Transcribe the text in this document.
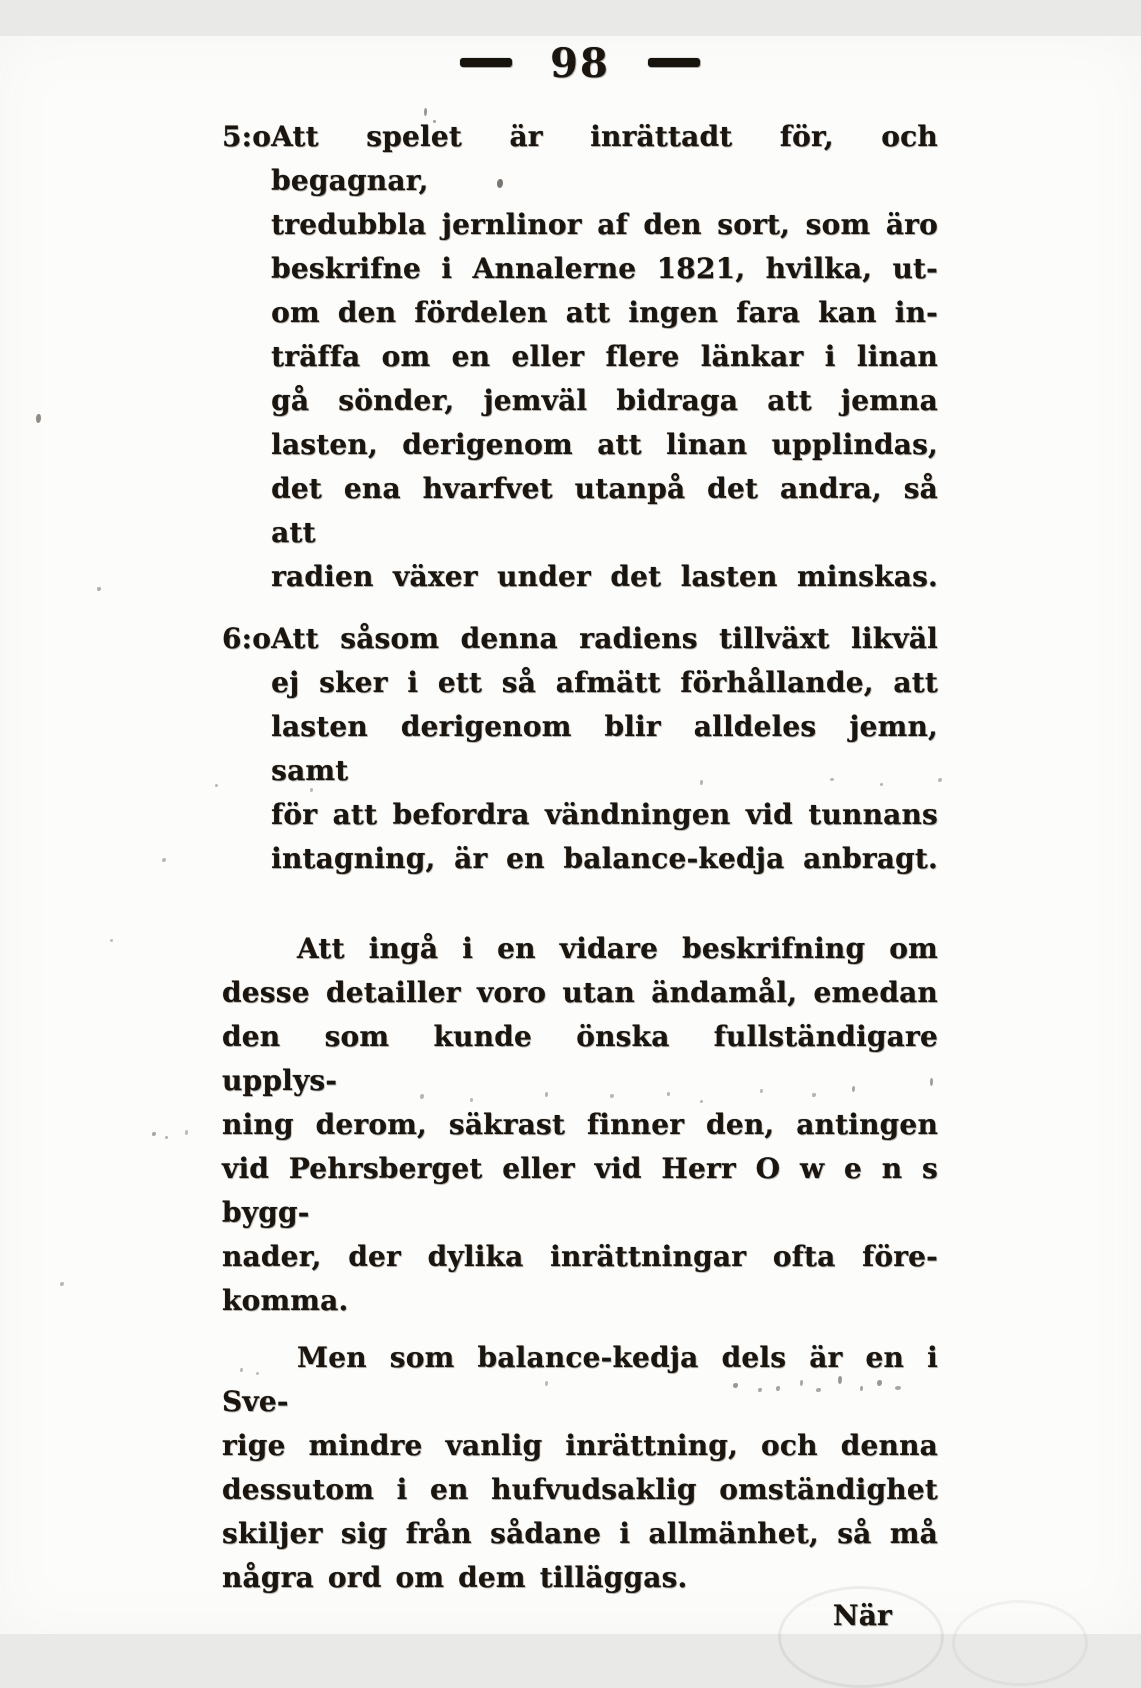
98
5:o Att spelet är inrättadt för, och begagnar,
tredubbla jernlinor af den sort, som äro
beskrifne i Annalerne 1821, hvilka, ut-
om den fördelen att ingen fara kan in-
träffa om en eller flere länkar i linan
gå sönder, jemväl bidraga att jemna
lasten, derigenom att linan upplindas,
det ena hvarfvet utanpå det andra, så att
radien växer under det lasten minskas.
6:o Att såsom denna radiens tillväxt likväl
ej sker i ett så afmätt förhållande, att
lasten derigenom blir alldeles jemn, samt
för att befordra vändningen vid tunnans
intagning, är en balance-kedja anbragt.
Att ingå i en vidare beskrifning om
desse detailler voro utan ändamål, emedan
den som kunde önska fullständigare upplys-
ning derom, säkrast finner den, antingen
vid Pehrsberget eller vid Herr O w e n s bygg-
nader, der dylika inrättningar ofta före-
komma.
Men som balance-kedja dels är en i Sve-
rige mindre vanlig inrättning, och denna
dessutom i en hufvudsaklig omständighet
skiljer sig från sådane i allmänhet, så må
några ord om dem tilläggas.
När
